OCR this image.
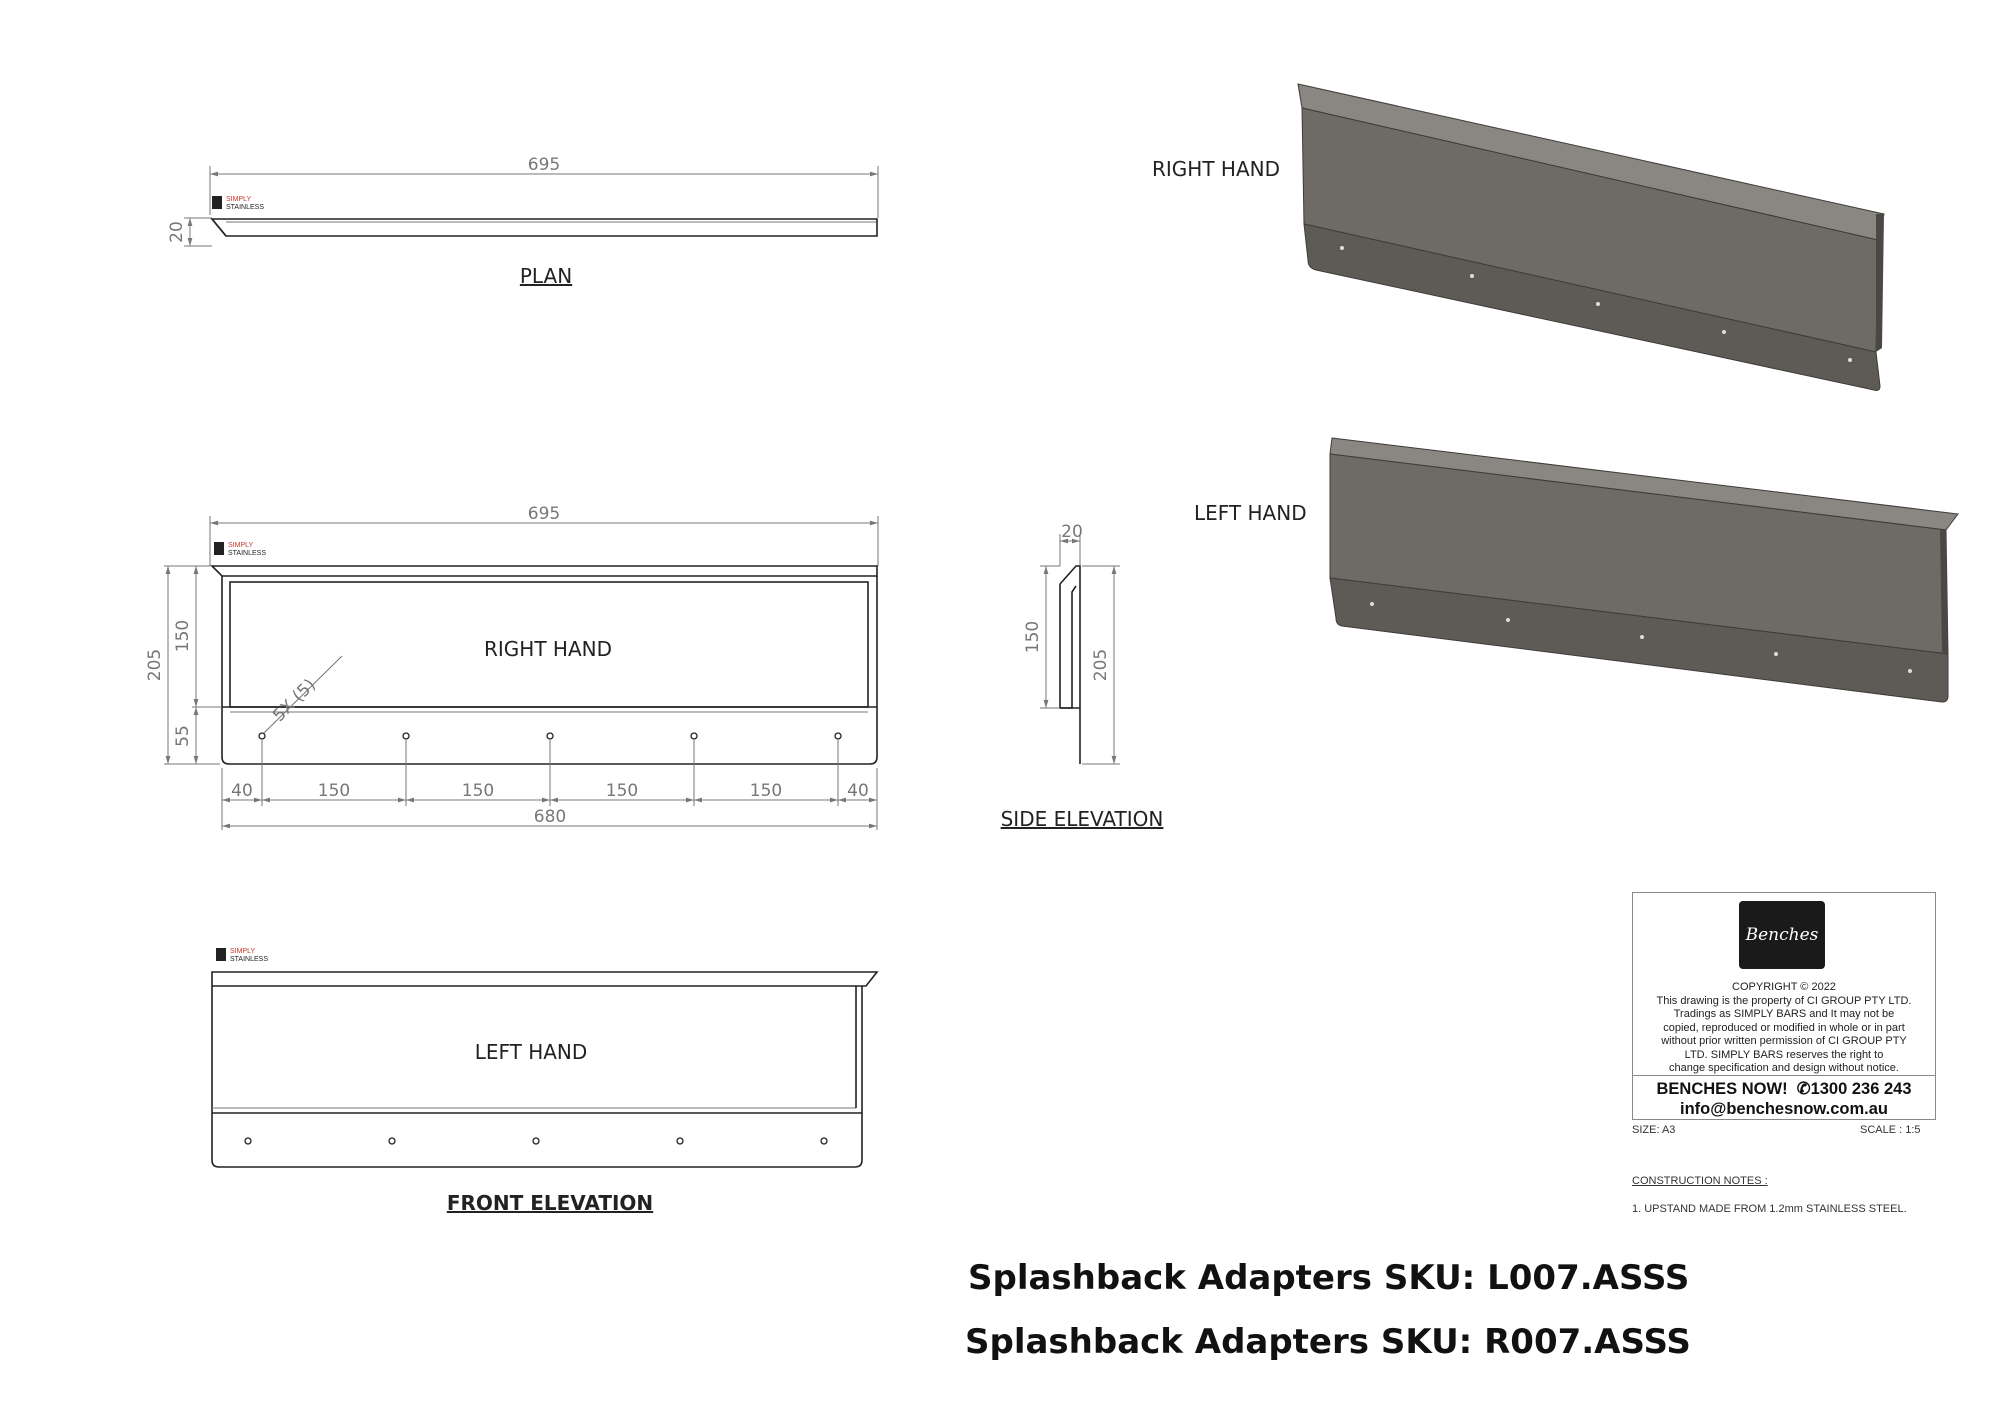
695
20
SIMPLY
STAINLESS
PLAN
695
RIGHT HAND
SIMPLY
STAINLESS
5X (5)
205
150
55
40	150	150	150	150	40
680
SIMPLY
STAINLESS
LEFT HAND
FRONT ELEVATION
20
150
205
SIDE ELEVATION
RIGHT HAND
LEFT HAND
Benches
COPYRIGHT © 2022
This drawing is the property of CI GROUP PTY LTD.
Tradings as SIMPLY BARS and It may not be
copied, reproduced or modified in whole or in part
without prior written permission of CI GROUP PTY
LTD. SIMPLY BARS reserves the right to
change specification and design without notice.
BENCHES NOW! ✆1300 236 243
info@benchesnow.com.au
SIZE: A3	SCALE : 1:5
CONSTRUCTION NOTES :
1. UPSTAND MADE FROM 1.2mm STAINLESS STEEL.
Splashback Adapters SKU: L007.ASSS
Splashback Adapters SKU: R007.ASSS
